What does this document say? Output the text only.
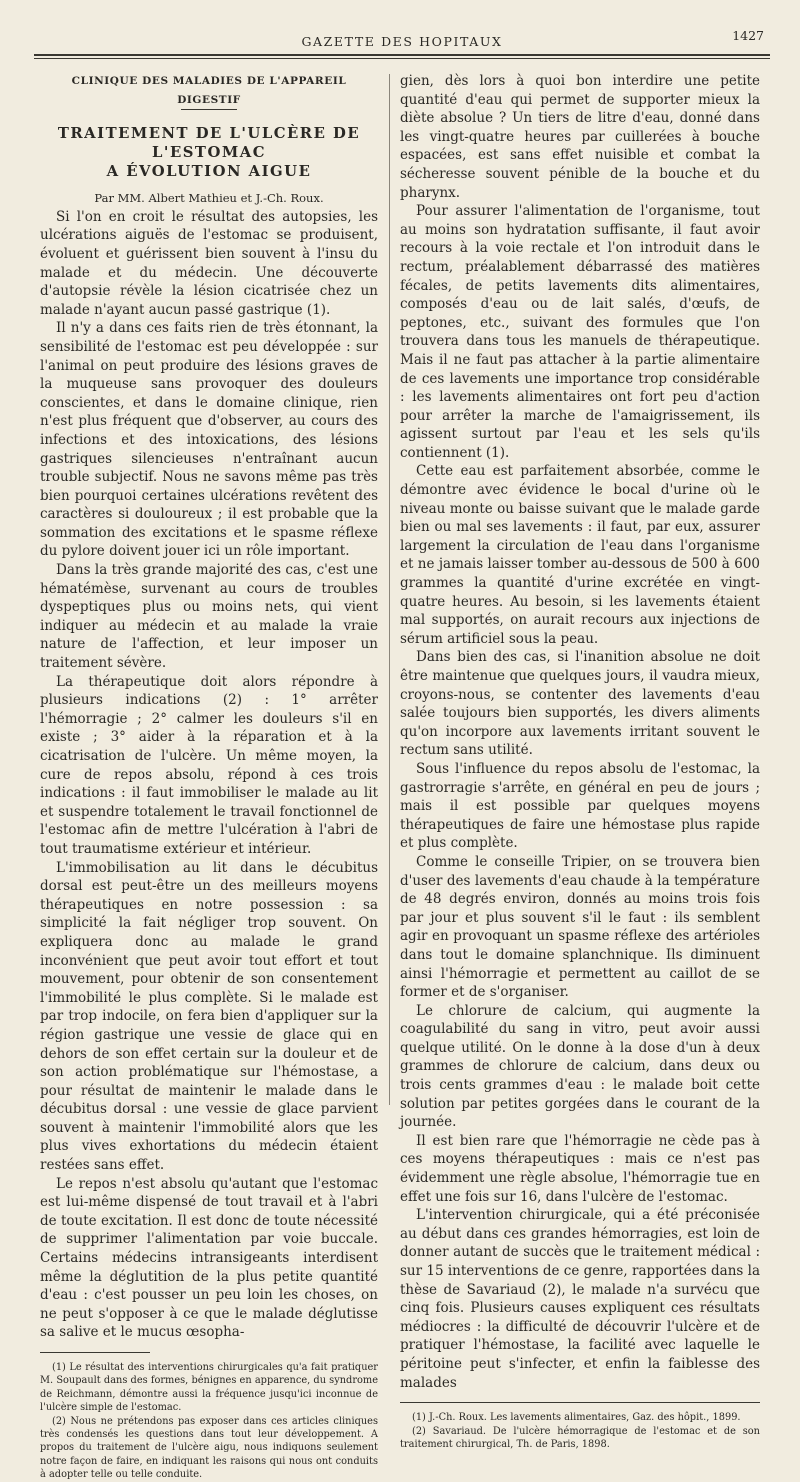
GAZETTE DES HOPITAUX	1427

CLINIQUE DES MALADIES DE L'APPAREIL DIGESTIF

TRAITEMENT DE L'ULCÈRE DE L'ESTOMAC
A ÉVOLUTION AIGUE

Par MM. Albert Mathieu et J.-Ch. Roux.

Si l'on en croit le résultat des autopsies, les ulcérations aiguës de l'estomac se produisent, évoluent et guérissent bien souvent à l'insu du malade et du médecin. Une découverte d'autopsie révèle la lésion cicatrisée chez un malade n'ayant aucun passé gastrique (1).

Il n'y a dans ces faits rien de très étonnant, la sensibilité de l'estomac est peu développée : sur l'animal on peut produire des lésions graves de la muqueuse sans provoquer des douleurs conscientes, et dans le domaine clinique, rien n'est plus fréquent que d'observer, au cours des infections et des intoxications, des lésions gastriques silencieuses n'entraînant aucun trouble subjectif. Nous ne savons même pas très bien pourquoi certaines ulcérations revêtent des caractères si douloureux ; il est probable que la sommation des excitations et le spasme réflexe du pylore doivent jouer ici un rôle important.

Dans la très grande majorité des cas, c'est une hématémèse, survenant au cours de troubles dyspeptiques plus ou moins nets, qui vient indiquer au médecin et au malade la vraie nature de l'affection, et leur imposer un traitement sévère.

La thérapeutique doit alors répondre à plusieurs indications (2) : 1° arrêter l'hémorragie ; 2° calmer les douleurs s'il en existe ; 3° aider à la réparation et à la cicatrisation de l'ulcère. Un même moyen, la cure de repos absolu, répond à ces trois indications : il faut immobiliser le malade au lit et suspendre totalement le travail fonctionnel de l'estomac afin de mettre l'ulcération à l'abri de tout traumatisme extérieur et intérieur.

L'immobilisation au lit dans le décubitus dorsal est peut-être un des meilleurs moyens thérapeutiques en notre possession : sa simplicité la fait négliger trop souvent. On expliquera donc au malade le grand inconvénient que peut avoir tout effort et tout mouvement, pour obtenir de son consentement l'immobilité le plus complète. Si le malade est par trop indocile, on fera bien d'appliquer sur la région gastrique une vessie de glace qui en dehors de son effet certain sur la douleur et de son action problématique sur l'hémostase, a pour résultat de maintenir le malade dans le décubitus dorsal : une vessie de glace parvient souvent à maintenir l'immobilité alors que les plus vives exhortations du médecin étaient restées sans effet.

Le repos n'est absolu qu'autant que l'estomac est lui-même dispensé de tout travail et à l'abri de toute excitation. Il est donc de toute nécessité de supprimer l'alimentation par voie buccale. Certains médecins intransigeants interdisent même la déglutition de la plus petite quantité d'eau : c'est pousser un peu loin les choses, on ne peut s'opposer à ce que le malade déglutisse sa salive et le mucus œsopha-

(1) Le résultat des interventions chirurgicales qu'a fait pratiquer M. Soupault dans des formes, bénignes en apparence, du syndrome de Reichmann, démontre aussi la fréquence jusqu'ici inconnue de l'ulcère simple de l'estomac.

(2) Nous ne prétendons pas exposer dans ces articles cliniques très condensés les questions dans tout leur développement. A propos du traitement de l'ulcère aigu, nous indiquons seulement notre façon de faire, en indiquant les raisons qui nous ont conduits à adopter telle ou telle conduite.

gien, dès lors à quoi bon interdire une petite quantité d'eau qui permet de supporter mieux la diète absolue ? Un tiers de litre d'eau, donné dans les vingt-quatre heures par cuillerées à bouche espacées, est sans effet nuisible et combat la sécheresse souvent pénible de la bouche et du pharynx.

Pour assurer l'alimentation de l'organisme, tout au moins son hydratation suffisante, il faut avoir recours à la voie rectale et l'on introduit dans le rectum, préalablement débarrassé des matières fécales, de petits lavements dits alimentaires, composés d'eau ou de lait salés, d'œufs, de peptones, etc., suivant des formules que l'on trouvera dans tous les manuels de thérapeutique. Mais il ne faut pas attacher à la partie alimentaire de ces lavements une importance trop considérable : les lavements alimentaires ont fort peu d'action pour arrêter la marche de l'amaigrissement, ils agissent surtout par l'eau et les sels qu'ils contiennent (1).

Cette eau est parfaitement absorbée, comme le démontre avec évidence le bocal d'urine où le niveau monte ou baisse suivant que le malade garde bien ou mal ses lavements : il faut, par eux, assurer largement la circulation de l'eau dans l'organisme et ne jamais laisser tomber au-dessous de 500 à 600 grammes la quantité d'urine excrétée en vingt-quatre heures. Au besoin, si les lavements étaient mal supportés, on aurait recours aux injections de sérum artificiel sous la peau.

Dans bien des cas, si l'inanition absolue ne doit être maintenue que quelques jours, il vaudra mieux, croyons-nous, se contenter des lavements d'eau salée toujours bien supportés, les divers aliments qu'on incorpore aux lavements irritant souvent le rectum sans utilité.

Sous l'influence du repos absolu de l'estomac, la gastrorragie s'arrête, en général en peu de jours ; mais il est possible par quelques moyens thérapeutiques de faire une hémostase plus rapide et plus complète.

Comme le conseille Tripier, on se trouvera bien d'user des lavements d'eau chaude à la température de 48 degrés environ, donnés au moins trois fois par jour et plus souvent s'il le faut : ils semblent agir en provoquant un spasme réflexe des artérioles dans tout le domaine splanchnique. Ils diminuent ainsi l'hémorragie et permettent au caillot de se former et de s'organiser.

Le chlorure de calcium, qui augmente la coagulabilité du sang in vitro, peut avoir aussi quelque utilité. On le donne à la dose d'un à deux grammes de chlorure de calcium, dans deux ou trois cents grammes d'eau : le malade boit cette solution par petites gorgées dans le courant de la journée.

Il est bien rare que l'hémorragie ne cède pas à ces moyens thérapeutiques : mais ce n'est pas évidemment une règle absolue, l'hémorragie tue en effet une fois sur 16, dans l'ulcère de l'estomac.

L'intervention chirurgicale, qui a été préconisée au début dans ces grandes hémorragies, est loin de donner autant de succès que le traitement médical : sur 15 interventions de ce genre, rapportées dans la thèse de Savariaud (2), le malade n'a survécu que cinq fois. Plusieurs causes expliquent ces résultats médiocres : la difficulté de découvrir l'ulcère et de pratiquer l'hémostase, la facilité avec laquelle le péritoine peut s'infecter, et enfin la faiblesse des malades

(1) J.-Ch. Roux. Les lavements alimentaires, Gaz. des hôpit., 1899.

(2) Savariaud. De l'ulcère hémorragique de l'estomac et de son traitement chirurgical, Th. de Paris, 1898.
